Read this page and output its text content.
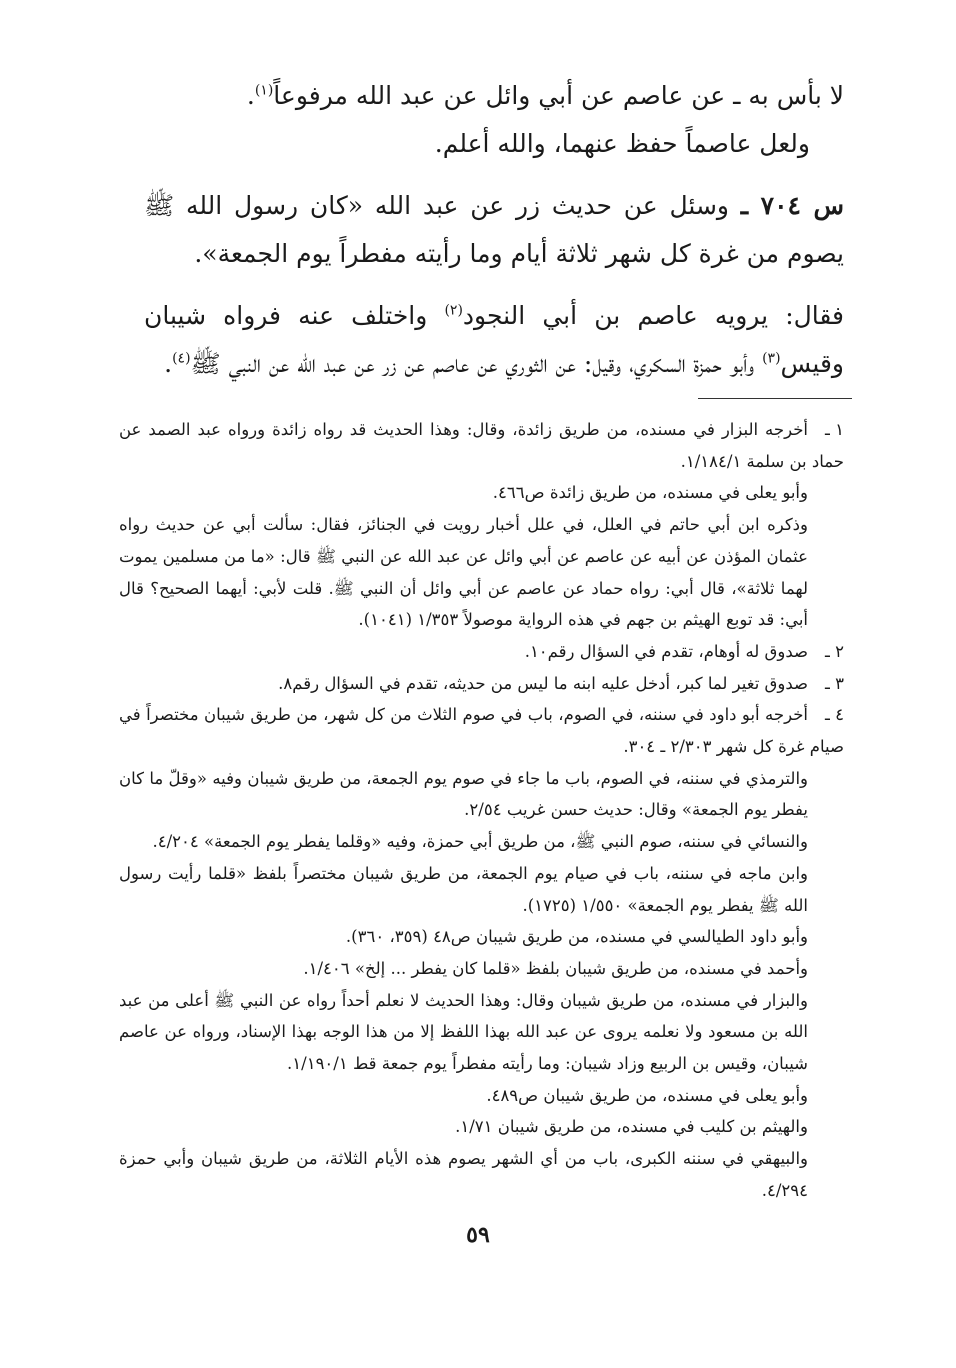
لا بأس به ـ عن عاصم عن أبي وائل عن عبد الله مرفوعاً$^{(١)}$.

ولعل عاصماً حفظ عنهما، والله أعلم.

س ٧٠٤ ـ وسئل عن حديث زر عن عبد الله «كان رسول الله ﷺ يصوم من غرة كل شهر ثلاثة أيام وما رأيته مفطراً يوم الجمعة».

فقال: يرويه عاصم بن أبي النجود$^{(٢)}$ واختلف عنه فرواه شيبان وقيس$^{(٣)}$ وأبو حمزة السكري، وقيل: عن الثوري عن عاصم عن زر عن عبد الله عن النبي ﷺ$^{(٤)}$.

١ ـأخرجه البزار في مسنده، من طريق زائدة، وقال: وهذا الحديث قد رواه زائدة ورواه عبد الصمد عن حماد بن سلمة ١/١٨٤/١.

وأبو يعلى في مسنده، من طريق زائدة ص٤٦٦.

وذكره ابن أبي حاتم في العلل، في علل أخبار رويت في الجنائز، فقال: سألت أبي عن حديث رواه عثمان المؤذن عن أبيه عن عاصم عن أبي وائل عن عبد الله عن النبي ﷺ قال: «ما من مسلمين يموت لهما ثلاثة»، قال أبي: رواه حماد عن عاصم عن أبي وائل أن النبي ﷺ. قلت لأبي: أيهما الصحيح؟ قال أبي: قد توبع الهيثم بن جهم في هذه الرواية موصولاً ١/٣٥٣ (١٠٤١).

٢ ـصدوق له أوهام، تقدم في السؤال رقم١٠.

٣ ـصدوق تغير لما كبر، أدخل عليه ابنه ما ليس من حديثه، تقدم في السؤال رقم٨.

٤ ـأخرجه أبو داود في سننه، في الصوم، باب في صوم الثلاث من كل شهر، من طريق شيبان مختصراً في صيام غرة كل شهر ٢/٣٠٣ ـ ٣٠٤.

والترمذي في سننه، في الصوم، باب ما جاء في صوم يوم الجمعة، من طريق شيبان وفيه «وقلّ ما كان يفطر يوم الجمعة» وقال: حديث حسن غريب ٢/٥٤.

والنسائي في سننه، صوم النبي ﷺ، من طريق أبي حمزة، وفيه «وقلما يفطر يوم الجمعة» ٤/٢٠٤.

وابن ماجه في سننه، باب في صيام يوم الجمعة، من طريق شيبان مختصراً بلفظ «قلما رأيت رسول الله ﷺ يفطر يوم الجمعة» ١/٥٥٠ (١٧٢٥).

وأبو داود الطيالسي في مسنده، من طريق شيبان ص٤٨ (٣٥٩، ٣٦٠).

وأحمد في مسنده، من طريق شيبان بلفظ «قلما كان يفطر ... إلخ» ١/٤٠٦.

والبزار في مسنده، من طريق شيبان وقال: وهذا الحديث لا نعلم أحداً رواه عن النبي ﷺ أعلى من عبد الله بن مسعود ولا نعلمه يروى عن عبد الله بهذا اللفظ إلا من هذا الوجه بهذا الإسناد، ورواه عن عاصم شيبان، وقيس بن الربيع وزاد شيبان: وما رأيته مفطراً يوم جمعة قط ١/١٩٠/١.

وأبو يعلى في مسنده، من طريق شيبان ص٤٨٩.

والهيثم بن كليب في مسنده، من طريق شيبان ١/٧١.

والبيهقي في سننه الكبرى، باب من أي الشهر يصوم هذه الأيام الثلاثة، من طريق شيبان وأبي حمزة ٤/٢٩٤.

٥٩
